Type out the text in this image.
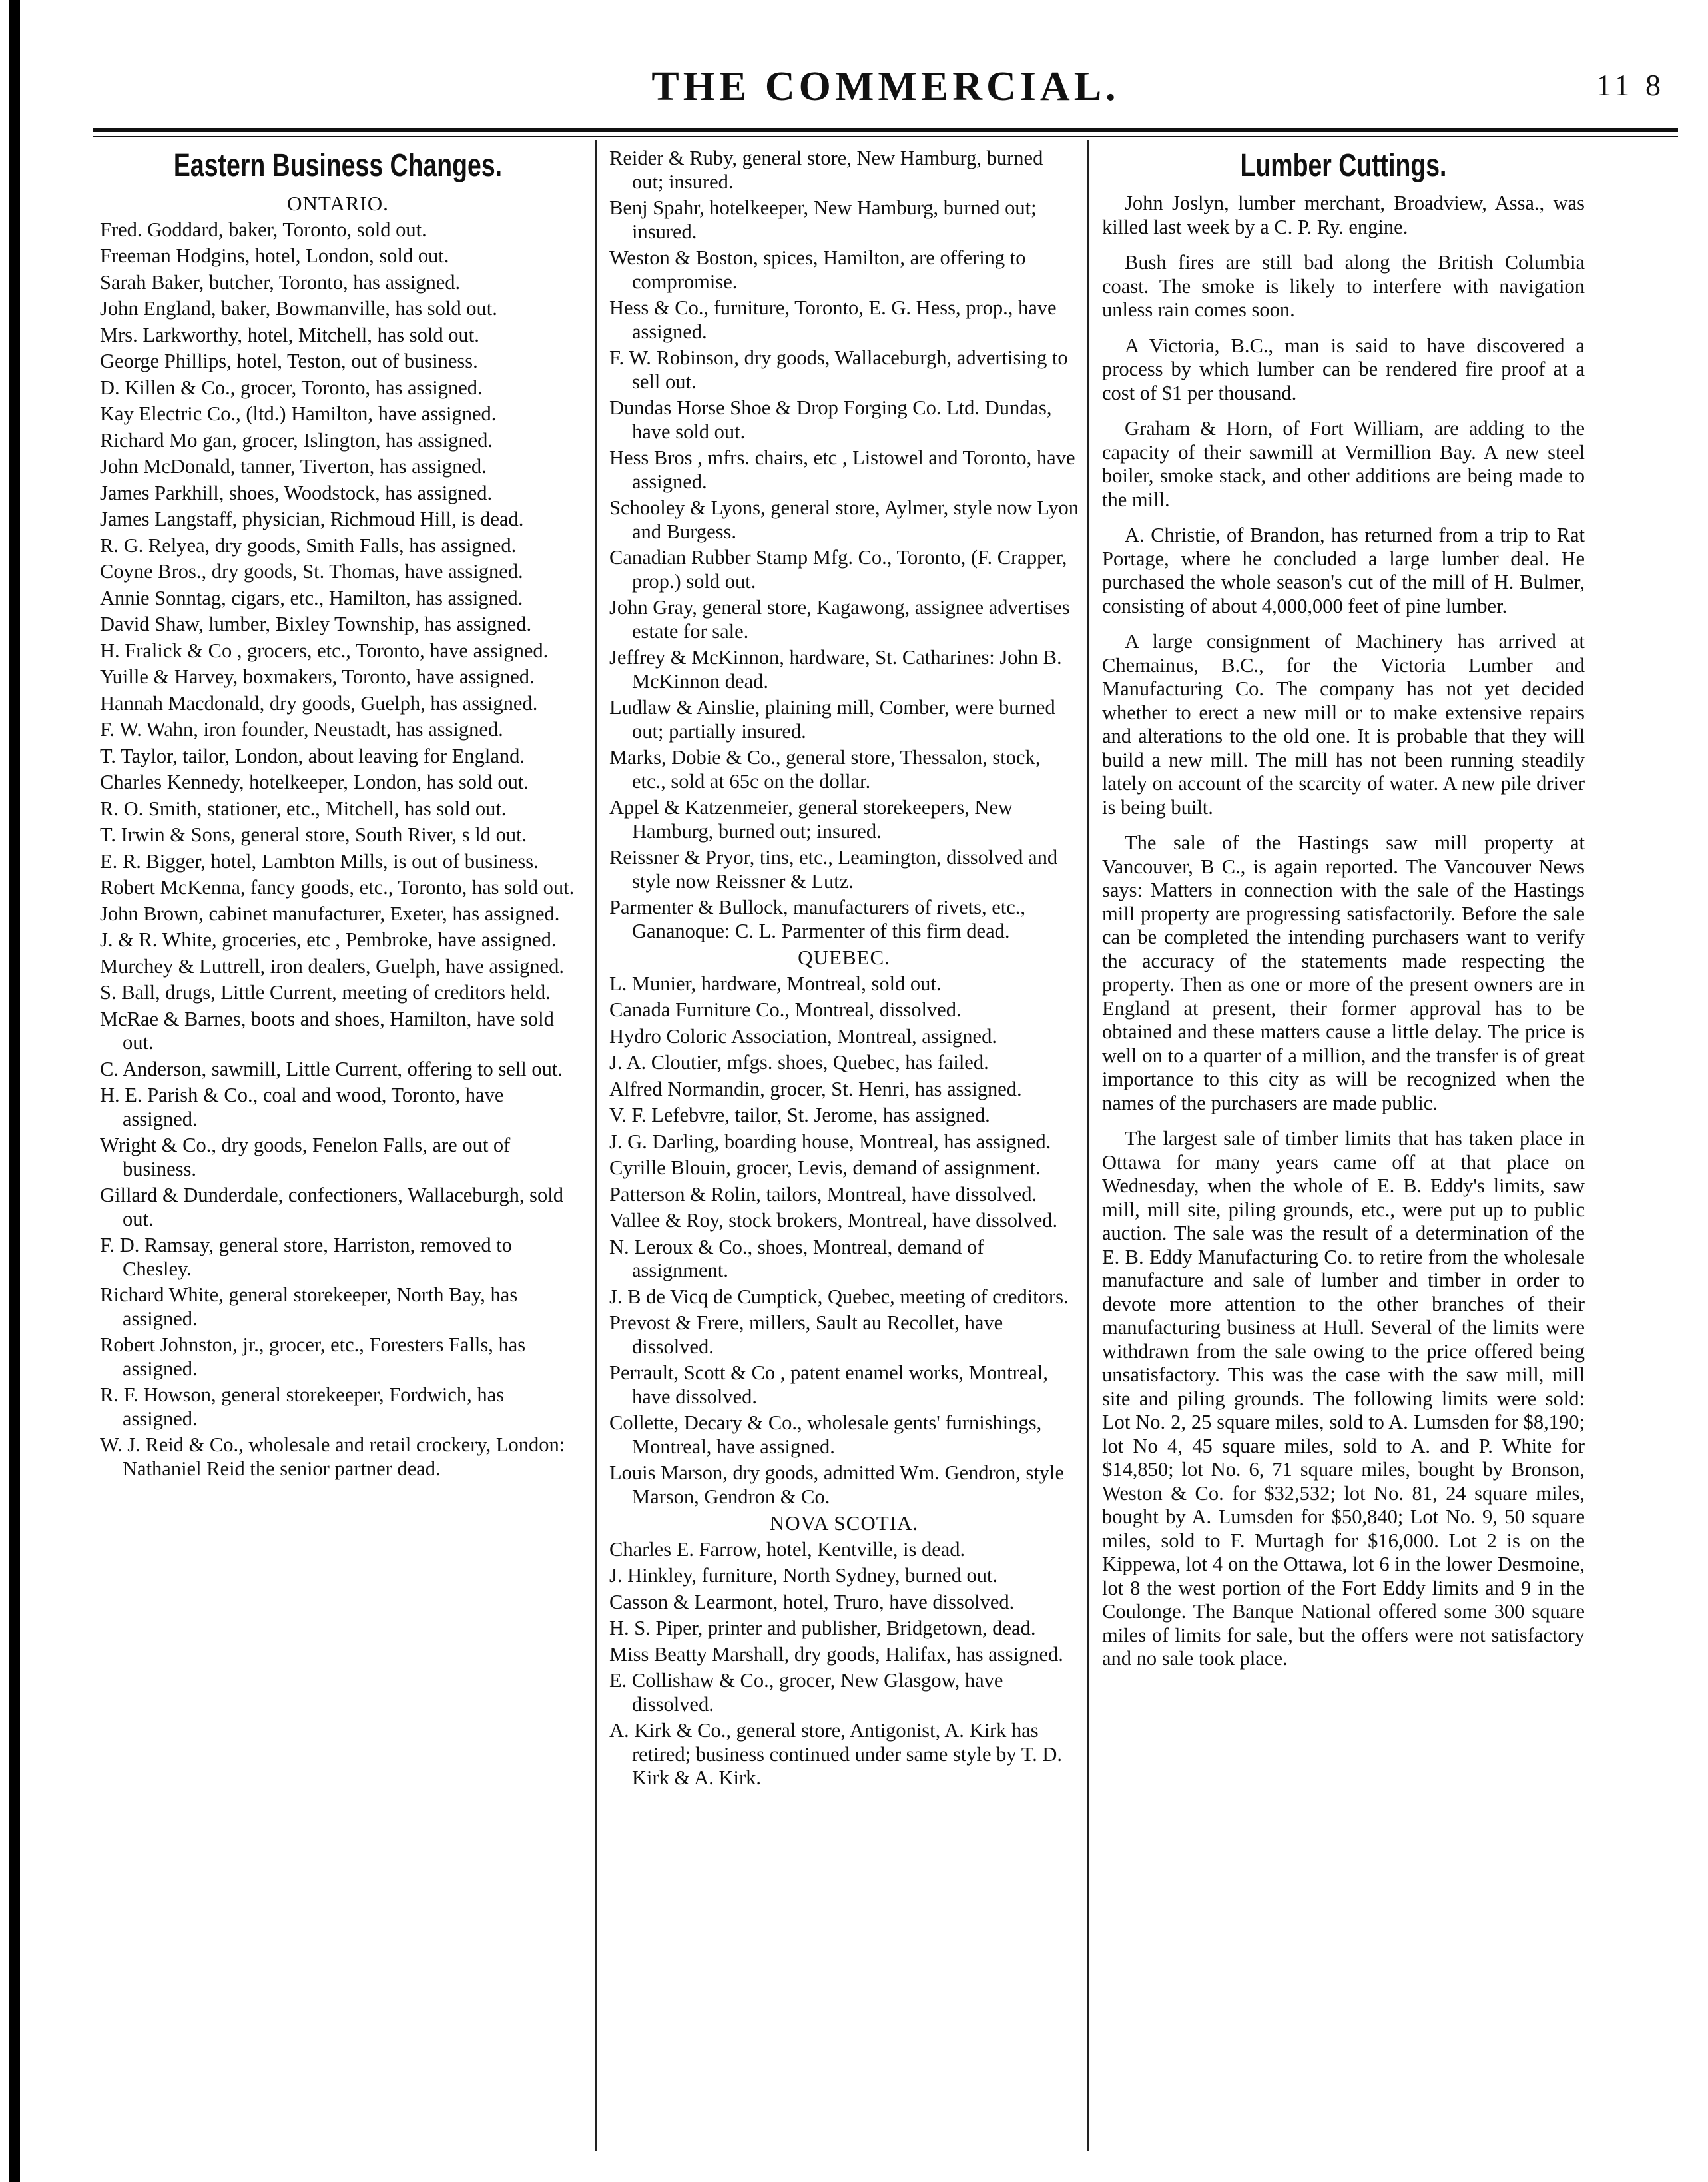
THE COMMERCIAL.	11 8

Eastern Business Changes.

ONTARIO.

Fred. Goddard, baker, Toronto, sold out.

Freeman Hodgins, hotel, London, sold out.

Sarah Baker, butcher, Toronto, has assigned.

John England, baker, Bowmanville, has sold out.

Mrs. Larkworthy, hotel, Mitchell, has sold out.

George Phillips, hotel, Teston, out of business.

D. Killen & Co., grocer, Toronto, has assigned.

Kay Electric Co., (ltd.) Hamilton, have assigned.

Richard Mo gan, grocer, Islington, has assigned.

John McDonald, tanner, Tiverton, has assigned.

James Parkhill, shoes, Woodstock, has assigned.

James Langstaff, physician, Richmoud Hill, is dead.

R. G. Relyea, dry goods, Smith Falls, has assigned.

Coyne Bros., dry goods, St. Thomas, have assigned.

Annie Sonntag, cigars, etc., Hamilton, has assigned.

David Shaw, lumber, Bixley Township, has assigned.

H. Fralick & Co , grocers, etc., Toronto, have assigned.

Yuille & Harvey, boxmakers, Toronto, have assigned.

Hannah Macdonald, dry goods, Guelph, has assigned.

F. W. Wahn, iron founder, Neustadt, has assigned.

T. Taylor, tailor, London, about leaving for England.

Charles Kennedy, hotelkeeper, London, has sold out.

R. O. Smith, stationer, etc., Mitchell, has sold out.

T. Irwin & Sons, general store, South River, s ld out.

E. R. Bigger, hotel, Lambton Mills, is out of business.

Robert McKenna, fancy goods, etc., Toronto, has sold out.

John Brown, cabinet manufacturer, Exeter, has assigned.

J. & R. White, groceries, etc , Pembroke, have assigned.

Murchey & Luttrell, iron dealers, Guelph, have assigned.

S. Ball, drugs, Little Current, meeting of creditors held.

McRae & Barnes, boots and shoes, Hamilton, have sold out.

C. Anderson, sawmill, Little Current, offering to sell out.

H. E. Parish & Co., coal and wood, Toronto, have assigned.

Wright & Co., dry goods, Fenelon Falls, are out of business.

Gillard & Dunderdale, confectioners, Wallaceburgh, sold out.

F. D. Ramsay, general store, Harriston, removed to Chesley.

Richard White, general storekeeper, North Bay, has assigned.

Robert Johnston, jr., grocer, etc., Foresters Falls, has assigned.

R. F. Howson, general storekeeper, Fordwich, has assigned.

W. J. Reid & Co., wholesale and retail crockery, London: Nathaniel Reid the senior partner dead.

Reider & Ruby, general store, New Hamburg, burned out; insured.

Benj Spahr, hotelkeeper, New Hamburg, burned out; insured.

Weston & Boston, spices, Hamilton, are offering to compromise.

Hess & Co., furniture, Toronto, E. G. Hess, prop., have assigned.

F. W. Robinson, dry goods, Wallaceburgh, advertising to sell out.

Dundas Horse Shoe & Drop Forging Co. Ltd. Dundas, have sold out.

Hess Bros , mfrs. chairs, etc , Listowel and Toronto, have assigned.

Schooley & Lyons, general store, Aylmer, style now Lyon and Burgess.

Canadian Rubber Stamp Mfg. Co., Toronto, (F. Crapper, prop.) sold out.

John Gray, general store, Kagawong, assignee advertises estate for sale.

Jeffrey & McKinnon, hardware, St. Catharines: John B. McKinnon dead.

Ludlaw & Ainslie, plaining mill, Comber, were burned out; partially insured.

Marks, Dobie & Co., general store, Thessalon, stock, etc., sold at 65c on the dollar.

Appel & Katzenmeier, general storekeepers, New Hamburg, burned out; insured.

Reissner & Pryor, tins, etc., Leamington, dissolved and style now Reissner & Lutz.

Parmenter & Bullock, manufacturers of rivets, etc., Gananoque: C. L. Parmenter of this firm dead.

QUEBEC.

L. Munier, hardware, Montreal, sold out.

Canada Furniture Co., Montreal, dissolved.

Hydro Coloric Association, Montreal, assigned.

J. A. Cloutier, mfgs. shoes, Quebec, has failed.

Alfred Normandin, grocer, St. Henri, has assigned.

V. F. Lefebvre, tailor, St. Jerome, has assigned.

J. G. Darling, boarding house, Montreal, has assigned.

Cyrille Blouin, grocer, Levis, demand of assignment.

Patterson & Rolin, tailors, Montreal, have dissolved.

Vallee & Roy, stock brokers, Montreal, have dissolved.

N. Leroux & Co., shoes, Montreal, demand of assignment.

J. B de Vicq de Cumptick, Quebec, meeting of creditors.

Prevost & Frere, millers, Sault au Recollet, have dissolved.

Perrault, Scott & Co , patent enamel works, Montreal, have dissolved.

Collette, Decary & Co., wholesale gents' furnishings, Montreal, have assigned.

Louis Marson, dry goods, admitted Wm. Gendron, style Marson, Gendron & Co.

NOVA SCOTIA.

Charles E. Farrow, hotel, Kentville, is dead.

J. Hinkley, furniture, North Sydney, burned out.

Casson & Learmont, hotel, Truro, have dissolved.

H. S. Piper, printer and publisher, Bridgetown, dead.

Miss Beatty Marshall, dry goods, Halifax, has assigned.

E. Collishaw & Co., grocer, New Glasgow, have dissolved.

A. Kirk & Co., general store, Antigonist, A. Kirk has retired; business continued under same style by T. D. Kirk & A. Kirk.

Lumber Cuttings.

John Joslyn, lumber merchant, Broadview, Assa., was killed last week by a C. P. Ry. engine.

Bush fires are still bad along the British Columbia coast. The smoke is likely to interfere with navigation unless rain comes soon.

A Victoria, B.C., man is said to have discovered a process by which lumber can be rendered fire proof at a cost of $1 per thousand.

Graham & Horn, of Fort William, are adding to the capacity of their sawmill at Vermillion Bay. A new steel boiler, smoke stack, and other additions are being made to the mill.

A. Christie, of Brandon, has returned from a trip to Rat Portage, where he concluded a large lumber deal. He purchased the whole season's cut of the mill of H. Bulmer, consisting of about 4,000,000 feet of pine lumber.

A large consignment of Machinery has arrived at Chemainus, B.C., for the Victoria Lumber and Manufacturing Co. The company has not yet decided whether to erect a new mill or to make extensive repairs and alterations to the old one. It is probable that they will build a new mill. The mill has not been running steadily lately on account of the scarcity of water. A new pile driver is being built.

The sale of the Hastings saw mill property at Vancouver, B C., is again reported. The Vancouver News says: Matters in connection with the sale of the Hastings mill property are progressing satisfactorily. Before the sale can be completed the intending purchasers want to verify the accuracy of the statements made respecting the property. Then as one or more of the present owners are in England at present, their former approval has to be obtained and these matters cause a little delay. The price is well on to a quarter of a million, and the transfer is of great importance to this city as will be recognized when the names of the purchasers are made public.

The largest sale of timber limits that has taken place in Ottawa for many years came off at that place on Wednesday, when the whole of E. B. Eddy's limits, saw mill, mill site, piling grounds, etc., were put up to public auction. The sale was the result of a determination of the E. B. Eddy Manufacturing Co. to retire from the wholesale manufacture and sale of lumber and timber in order to devote more attention to the other branches of their manufacturing business at Hull. Several of the limits were withdrawn from the sale owing to the price offered being unsatisfactory. This was the case with the saw mill, mill site and piling grounds. The following limits were sold: Lot No. 2, 25 square miles, sold to A. Lumsden for $8,190; lot No 4, 45 square miles, sold to A. and P. White for $14,850; lot No. 6, 71 square miles, bought by Bronson, Weston & Co. for $32,532; lot No. 81, 24 square miles, bought by A. Lumsden for $50,840; Lot No. 9, 50 square miles, sold to F. Murtagh for $16,000. Lot 2 is on the Kippewa, lot 4 on the Ottawa, lot 6 in the lower Desmoine, lot 8 the west portion of the Fort Eddy limits and 9 in the Coulonge. The Banque National offered some 300 square miles of limits for sale, but the offers were not satisfactory and no sale took place.
